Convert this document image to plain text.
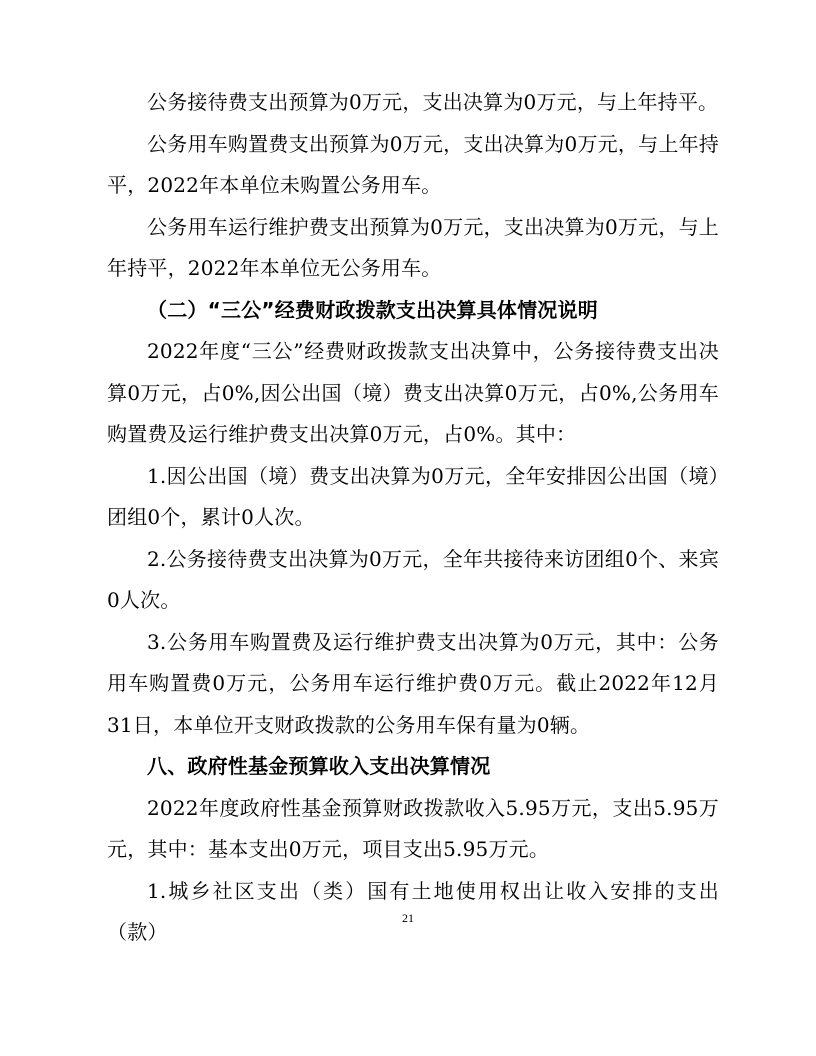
公务接待费支出预算为0万元，支出决算为0万元，与上年持平。

公务用车购置费支出预算为0万元，支出决算为0万元，与上年持平，2022年本单位未购置公务用车。

公务用车运行维护费支出预算为0万元，支出决算为0万元，与上年持平，2022年本单位无公务用车。

（二）“三公”经费财政拨款支出决算具体情况说明

2022年度“三公”经费财政拨款支出决算中，公务接待费支出决算0万元，占0%,因公出国（境）费支出决算0万元，占0%,公务用车购置费及运行维护费支出决算0万元，占0%。其中：

1.因公出国（境）费支出决算为0万元，全年安排因公出国（境）团组0个，累计0人次。

2.公务接待费支出决算为0万元，全年共接待来访团组0个、来宾0人次。

3.公务用车购置费及运行维护费支出决算为0万元，其中：公务用车购置费0万元，公务用车运行维护费0万元。截止2022年12月31日，本单位开支财政拨款的公务用车保有量为0辆。

八、政府性基金预算收入支出决算情况

2022年度政府性基金预算财政拨款收入5.95万元，支出5.95万元，其中：基本支出0万元，项目支出5.95万元。

1.城乡社区支出（类）国有土地使用权出让收入安排的支出（款）

21
